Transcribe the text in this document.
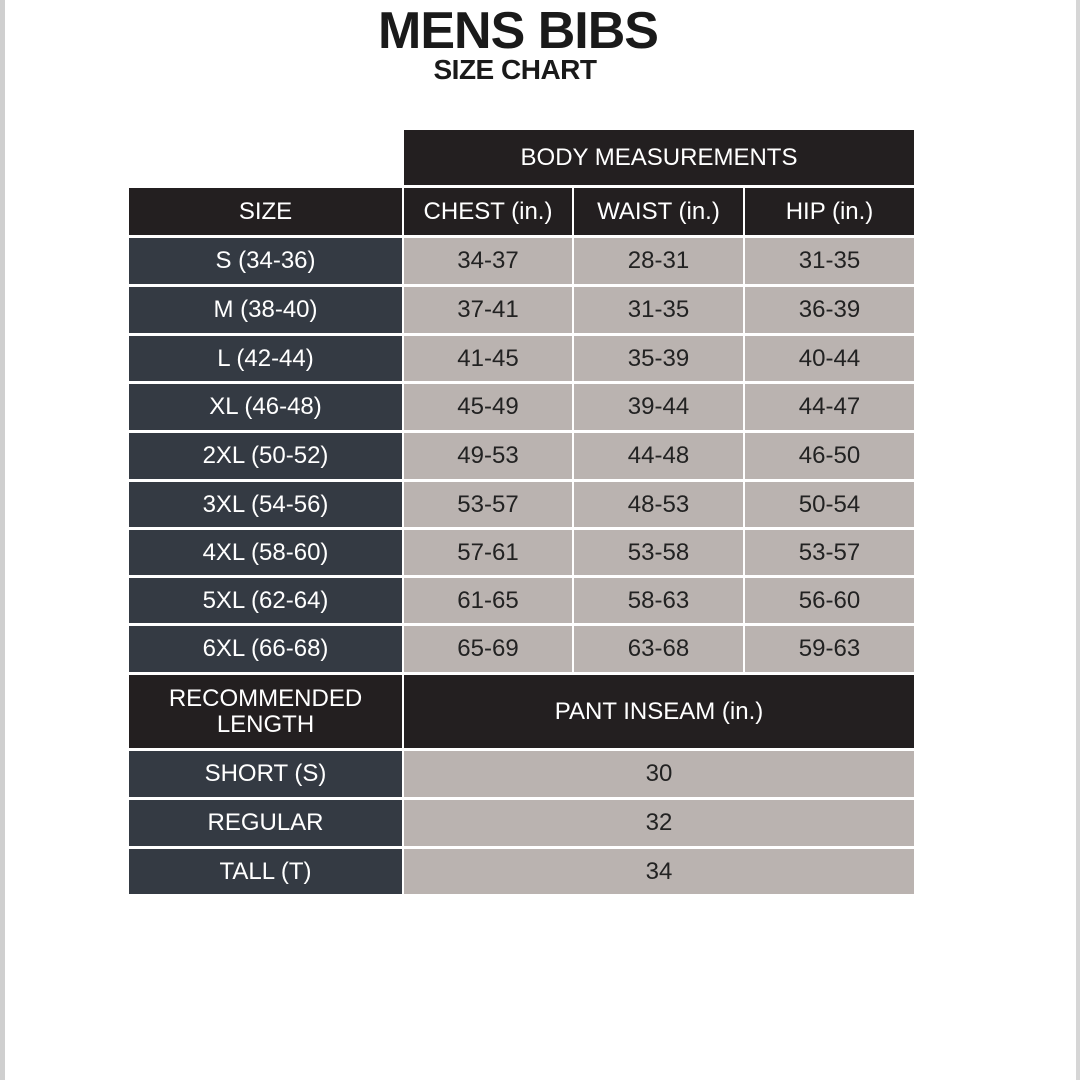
MENS BIBS
SIZE CHART
BODY MEASUREMENTS
SIZE	CHEST (in.)	WAIST (in.)	HIP (in.)
S (34-36)	34-37	28-31	31-35
M (38-40)	37-41	31-35	36-39
L (42-44)	41-45	35-39	40-44
XL (46-48)	45-49	39-44	44-47
2XL (50-52)	49-53	44-48	46-50
3XL (54-56)	53-57	48-53	50-54
4XL (58-60)	57-61	53-58	53-57
5XL (62-64)	61-65	58-63	56-60
6XL (66-68)	65-69	63-68	59-63
RECOMMENDED
LENGTH	PANT INSEAM (in.)
SHORT (S)	30
REGULAR	32
TALL (T)	34
